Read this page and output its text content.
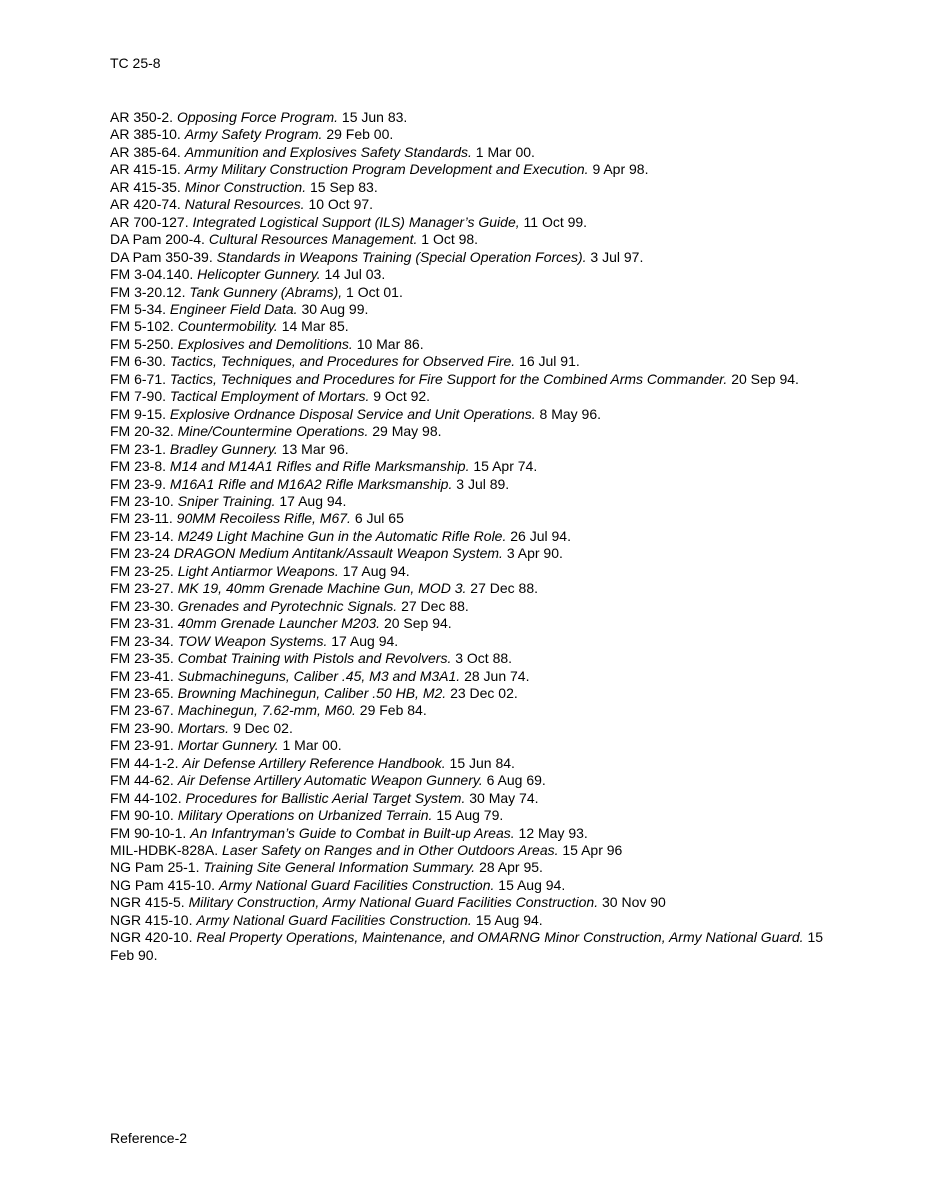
TC 25-8
AR 350-2. Opposing Force Program. 15 Jun 83.
AR 385-10. Army Safety Program. 29 Feb 00.
AR 385-64. Ammunition and Explosives Safety Standards. 1 Mar 00.
AR 415-15. Army Military Construction Program Development and Execution. 9 Apr 98.
AR 415-35. Minor Construction. 15 Sep 83.
AR 420-74. Natural Resources. 10 Oct 97.
AR 700-127. Integrated Logistical Support (ILS) Manager’s Guide, 11 Oct 99.
DA Pam 200-4. Cultural Resources Management. 1 Oct 98.
DA Pam 350-39. Standards in Weapons Training (Special Operation Forces). 3 Jul 97.
FM 3-04.140. Helicopter Gunnery. 14 Jul 03.
FM 3-20.12. Tank Gunnery (Abrams), 1 Oct 01.
FM 5-34. Engineer Field Data. 30 Aug 99.
FM 5-102. Countermobility. 14 Mar 85.
FM 5-250. Explosives and Demolitions. 10 Mar 86.
FM 6-30. Tactics, Techniques, and Procedures for Observed Fire. 16 Jul 91.
FM 6-71. Tactics, Techniques and Procedures for Fire Support for the Combined Arms Commander. 20 Sep 94.
FM 7-90. Tactical Employment of Mortars. 9 Oct 92.
FM 9-15. Explosive Ordnance Disposal Service and Unit Operations. 8 May 96.
FM 20-32. Mine/Countermine Operations. 29 May 98.
FM 23-1. Bradley Gunnery. 13 Mar 96.
FM 23-8. M14 and M14A1 Rifles and Rifle Marksmanship. 15 Apr 74.
FM 23-9. M16A1 Rifle and M16A2 Rifle Marksmanship. 3 Jul 89.
FM 23-10. Sniper Training. 17 Aug 94.
FM 23-11. 90MM Recoiless Rifle, M67. 6 Jul 65
FM 23-14. M249 Light Machine Gun in the Automatic Rifle Role. 26 Jul 94.
FM 23-24 DRAGON Medium Antitank/Assault Weapon System. 3 Apr 90.
FM 23-25. Light Antiarmor Weapons. 17 Aug 94.
FM 23-27. MK 19, 40mm Grenade Machine Gun, MOD 3. 27 Dec 88.
FM 23-30. Grenades and Pyrotechnic Signals. 27 Dec 88.
FM 23-31. 40mm Grenade Launcher M203. 20 Sep 94.
FM 23-34. TOW Weapon Systems. 17 Aug 94.
FM 23-35. Combat Training with Pistols and Revolvers. 3 Oct 88.
FM 23-41. Submachineguns, Caliber .45, M3 and M3A1. 28 Jun 74.
FM 23-65. Browning Machinegun, Caliber .50 HB, M2. 23 Dec 02.
FM 23-67. Machinegun, 7.62-mm, M60. 29 Feb 84.
FM 23-90. Mortars. 9 Dec 02.
FM 23-91. Mortar Gunnery. 1 Mar 00.
FM 44-1-2. Air Defense Artillery Reference Handbook. 15 Jun 84.
FM 44-62. Air Defense Artillery Automatic Weapon Gunnery. 6 Aug 69.
FM 44-102. Procedures for Ballistic Aerial Target System. 30 May 74.
FM 90-10. Military Operations on Urbanized Terrain. 15 Aug 79.
FM 90-10-1. An Infantryman’s Guide to Combat in Built-up Areas. 12 May 93.
MIL-HDBK-828A. Laser Safety on Ranges and in Other Outdoors Areas. 15 Apr 96
NG Pam 25-1. Training Site General Information Summary. 28 Apr 95.
NG Pam 415-10. Army National Guard Facilities Construction. 15 Aug 94.
NGR 415-5. Military Construction, Army National Guard Facilities Construction. 30 Nov 90
NGR 415-10. Army National Guard Facilities Construction. 15 Aug 94.
NGR 420-10. Real Property Operations, Maintenance, and OMARNG Minor Construction, Army National Guard. 15 Feb 90.
Reference-2
